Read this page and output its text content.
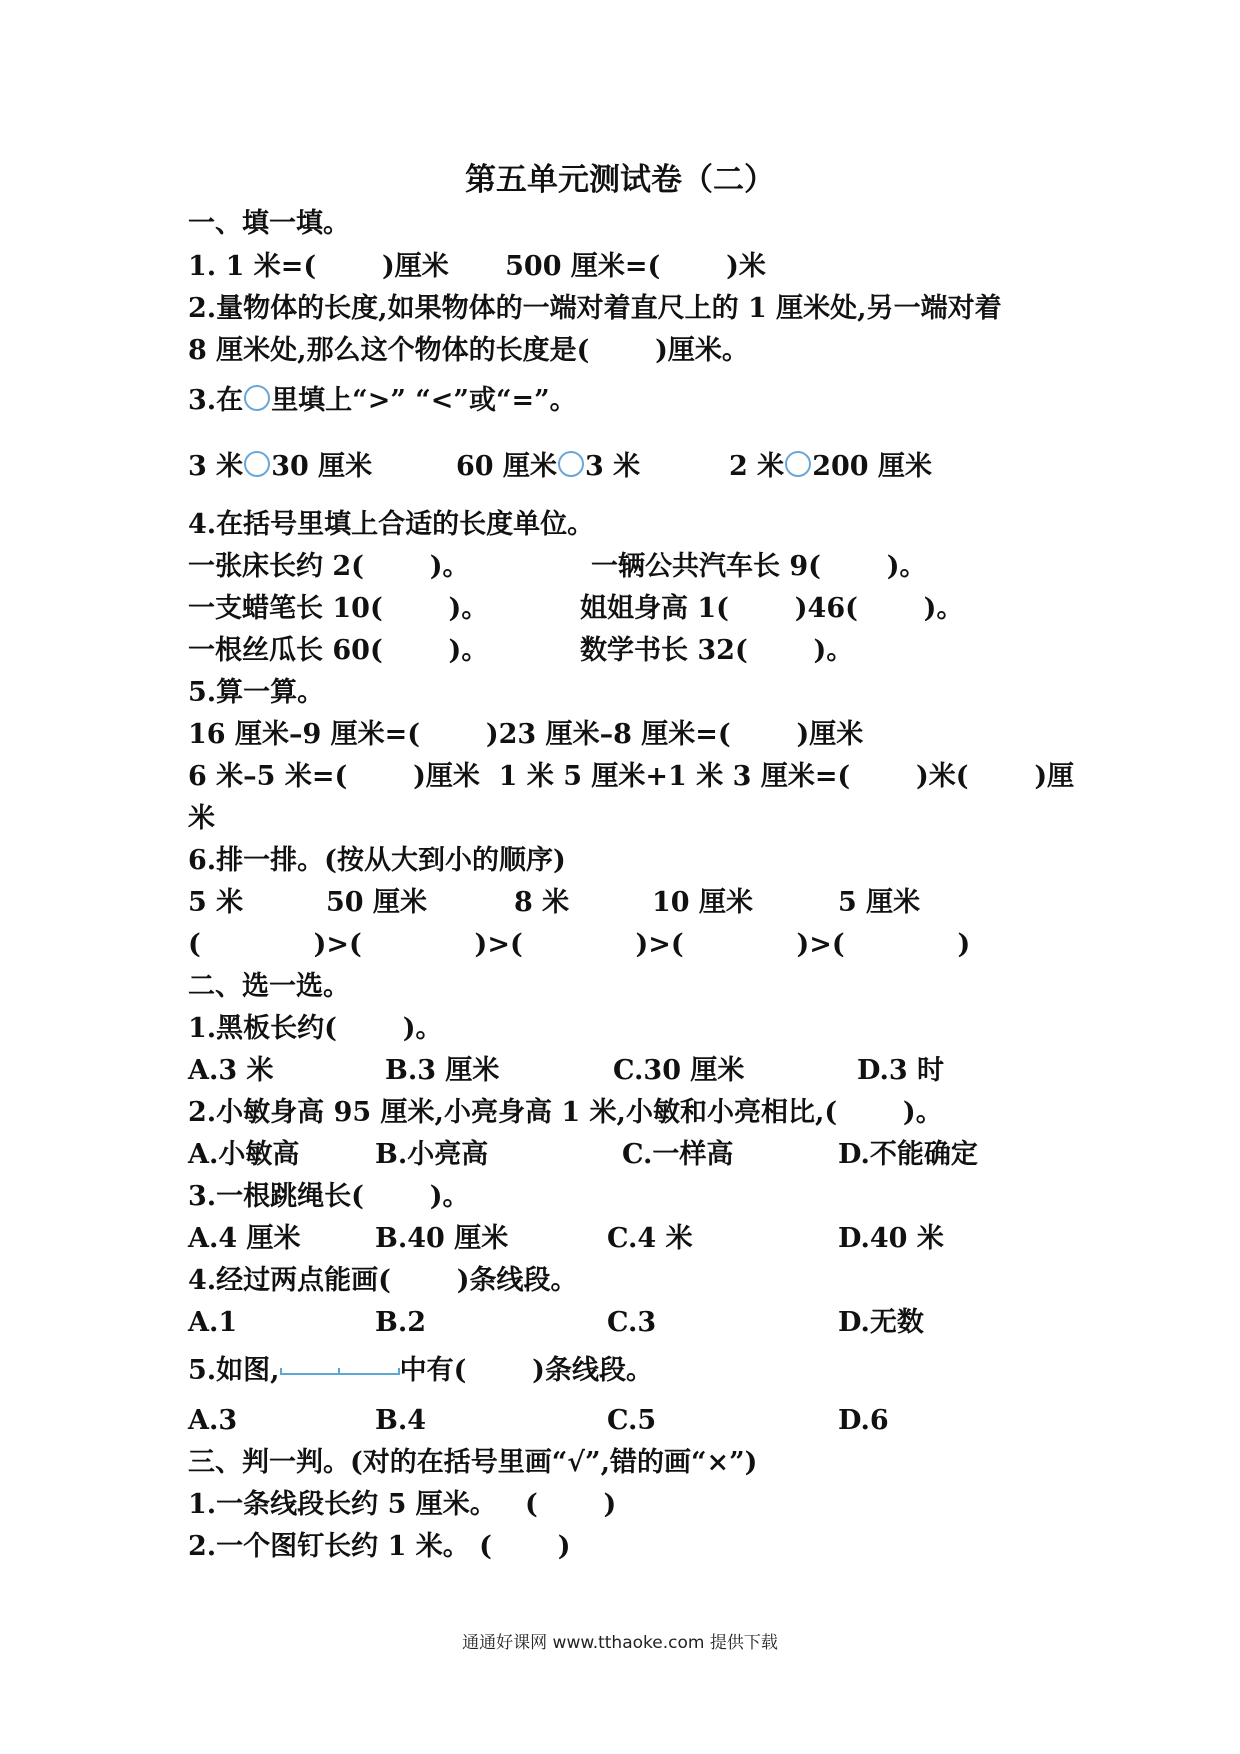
第五单元测试卷（二）
一、填一填。
1. 1 米=(       )厘米      500 厘米=(       )米
2.量物体的长度,如果物体的一端对着直尺上的 1 厘米处,另一端对着
8 厘米处,那么这个物体的长度是(       )厘米。
3.在 里填上“>” “<”或“=”。
3 米 30 厘米	60 厘米 3 米	2 米 200 厘米
4.在括号里填上合适的长度单位。
一张床长约 2(       )。	一辆公共汽车长 9(       )。
一支蜡笔长 10(       )。	姐姐身高 1(       )46(       )。
一根丝瓜长 60(       )。	数学书长 32(       )。
5.算一算。
16 厘米–9 厘米=(       )23 厘米–8 厘米=(       )厘米
6 米–5 米=(       )厘米  1 米 5 厘米+1 米 3 厘米=(       )米(       )厘
米
6.排一排。(按从大到小的顺序)
5 米	50 厘米	8 米	10 厘米	5 厘米
(            )>(            )>(            )>(            )>(            )
二、选一选。
1.黑板长约(       )。
A.3 米	B.3 厘米	C.30 厘米	D.3 时
2.小敏身高 95 厘米,小亮身高 1 米,小敏和小亮相比,(       )。
A.小敏高	B.小亮高	C.一样高	D.不能确定
3.一根跳绳长(       )。
A.4 厘米	B.40 厘米	C.4 米	D.40 米
4.经过两点能画(       )条线段。
A.1	B.2	C.3	D.无数
5.如图,	中有(       )条线段。
A.3	B.4	C.5	D.6
三、判一判。(对的在括号里画“√”,错的画“×”)
1.一条线段长约 5 厘米。   (       )
2.一个图钉长约 1 米。 (       )
通通好课网 www.tthaoke.com 提供下载
